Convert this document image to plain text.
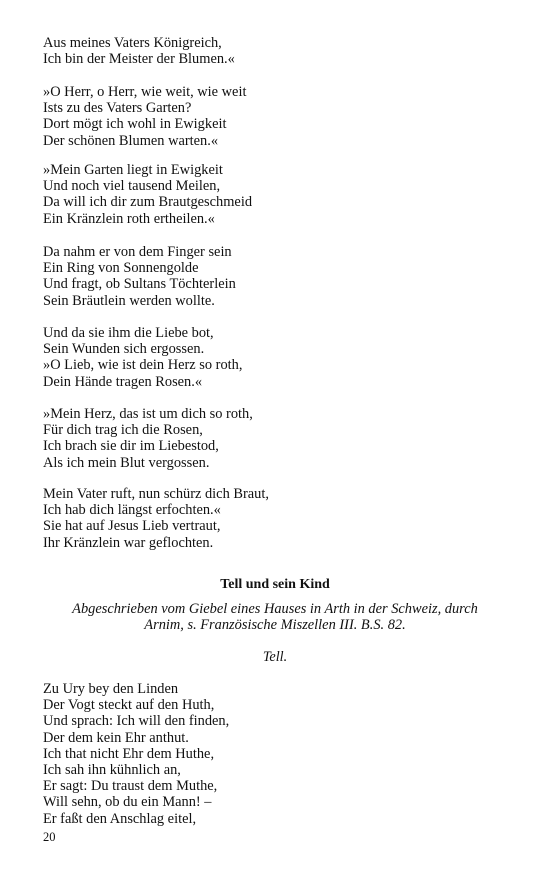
Aus meines Vaters Königreich,
Ich bin der Meister der Blumen.«
»O Herr, o Herr, wie weit, wie weit
Ists zu des Vaters Garten?
Dort mögt ich wohl in Ewigkeit
Der schönen Blumen warten.«
»Mein Garten liegt in Ewigkeit
Und noch viel tausend Meilen,
Da will ich dir zum Brautgeschmeid
Ein Kränzlein roth ertheilen.«
Da nahm er von dem Finger sein
Ein Ring von Sonnengolde
Und fragt, ob Sultans Töchterlein
Sein Bräutlein werden wollte.
Und da sie ihm die Liebe bot,
Sein Wunden sich ergossen.
»O Lieb, wie ist dein Herz so roth,
Dein Hände tragen Rosen.«
»Mein Herz, das ist um dich so roth,
Für dich trag ich die Rosen,
Ich brach sie dir im Liebestod,
Als ich mein Blut vergossen.
Mein Vater ruft, nun schürz dich Braut,
Ich hab dich längst erfochten.«
Sie hat auf Jesus Lieb vertraut,
Ihr Kränzlein war geflochten.
Tell und sein Kind
Abgeschrieben vom Giebel eines Hauses in Arth in der Schweiz, durch
Arnim, s. Französische Miszellen III. B.S. 82.
Tell.
Zu Ury bey den Linden
Der Vogt steckt auf den Huth,
Und sprach: Ich will den finden,
Der dem kein Ehr anthut.
Ich that nicht Ehr dem Huthe,
Ich sah ihn kühnlich an,
Er sagt: Du traust dem Muthe,
Will sehn, ob du ein Mann! –
Er faßt den Anschlag eitel,
20
